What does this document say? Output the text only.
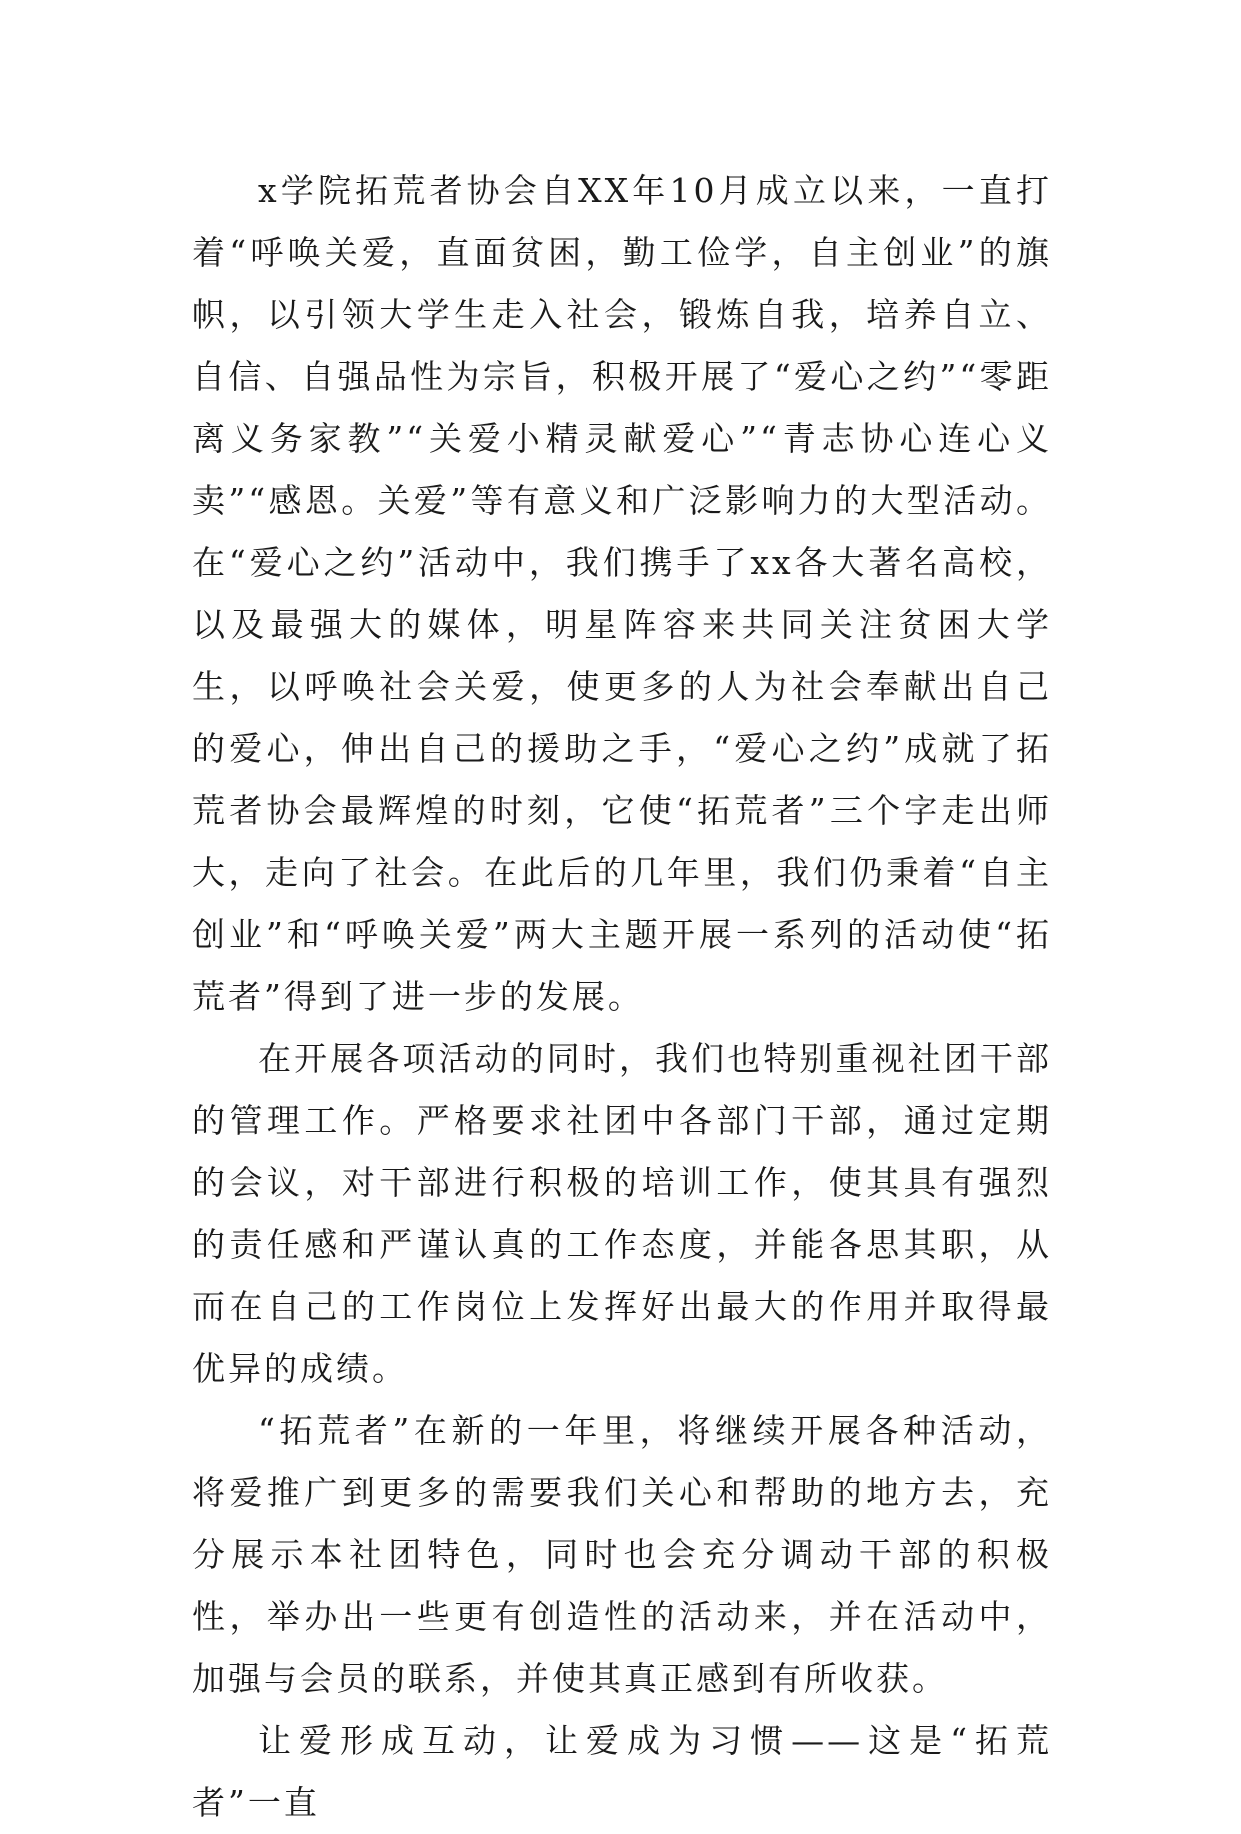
x学院拓荒者协会自XX年10月成立以来，一直打着“呼唤关爱，直面贫困，勤工俭学，自主创业”的旗帜，以引领大学生走入社会，锻炼自我，培养自立、自信、自强品性为宗旨，积极开展了“爱心之约”“零距离义务家教”“关爱小精灵献爱心”“青志协心连心义卖”“感恩。关爱”等有意义和广泛影响力的大型活动。在“爱心之约”活动中，我们携手了xx各大著名高校，以及最强大的媒体，明星阵容来共同关注贫困大学生，以呼唤社会关爱，使更多的人为社会奉献出自己的爱心，伸出自己的援助之手，“爱心之约”成就了拓荒者协会最辉煌的时刻，它使“拓荒者”三个字走出师大，走向了社会。在此后的几年里，我们仍秉着“自主创业”和“呼唤关爱”两大主题开展一系列的活动使“拓荒者”得到了进一步的发展。

在开展各项活动的同时，我们也特别重视社团干部的管理工作。严格要求社团中各部门干部，通过定期的会议，对干部进行积极的培训工作，使其具有强烈的责任感和严谨认真的工作态度，并能各思其职，从而在自己的工作岗位上发挥好出最大的作用并取得最优异的成绩。

“拓荒者”在新的一年里，将继续开展各种活动，将爱推广到更多的需要我们关心和帮助的地方去，充分展示本社团特色，同时也会充分调动干部的积极性，举办出一些更有创造性的活动来，并在活动中，加强与会员的联系，并使其真正感到有所收获。

让爱形成互动，让爱成为习惯——这是“拓荒者”一直
